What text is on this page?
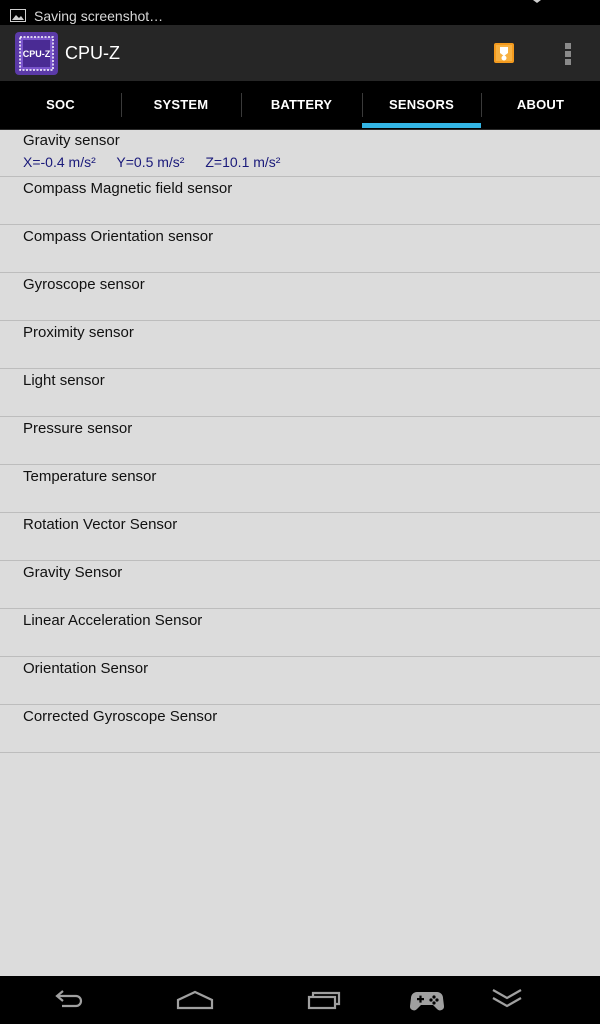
Saving screenshot…
CPU-Z CPU-Z
SOC	SYSTEM	BATTERY	SENSORS	ABOUT
Gravity sensor
X=-0.4 m/s² Y=0.5 m/s² Z=10.1 m/s²
Compass Magnetic field sensor
Compass Orientation sensor
Gyroscope sensor
Proximity sensor
Light sensor
Pressure sensor
Temperature sensor
Rotation Vector Sensor
Gravity Sensor
Linear Acceleration Sensor
Orientation Sensor
Corrected Gyroscope Sensor
